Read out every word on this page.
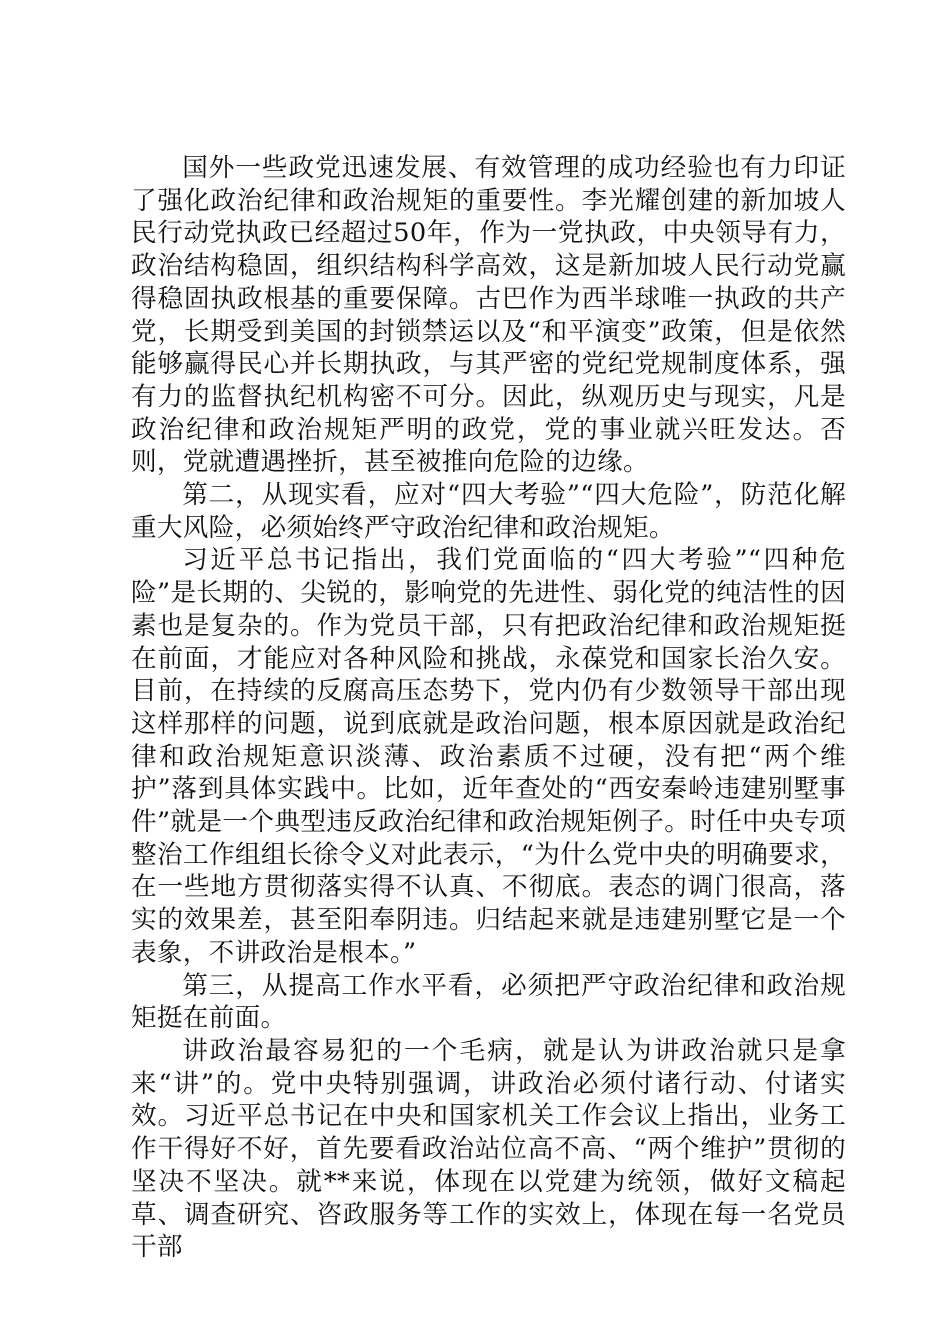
国外一些政党迅速发展、有效管理的成功经验也有力印证了强化政治纪律和政治规矩的重要性。李光耀创建的新加坡人民行动党执政已经超过50年，作为一党执政，中央领导有力，政治结构稳固，组织结构科学高效，这是新加坡人民行动党赢得稳固执政根基的重要保障。古巴作为西半球唯一执政的共产党，长期受到美国的封锁禁运以及“和平演变”政策，但是依然能够赢得民心并长期执政，与其严密的党纪党规制度体系，强有力的监督执纪机构密不可分。因此，纵观历史与现实，凡是政治纪律和政治规矩严明的政党，党的事业就兴旺发达。否则，党就遭遇挫折，甚至被推向危险的边缘。

第二，从现实看，应对“四大考验”“四大危险”，防范化解重大风险，必须始终严守政治纪律和政治规矩。

习近平总书记指出，我们党面临的“四大考验”“四种危险”是长期的、尖锐的，影响党的先进性、弱化党的纯洁性的因素也是复杂的。作为党员干部，只有把政治纪律和政治规矩挺在前面，才能应对各种风险和挑战，永葆党和国家长治久安。目前，在持续的反腐高压态势下，党内仍有少数领导干部出现这样那样的问题，说到底就是政治问题，根本原因就是政治纪律和政治规矩意识淡薄、政治素质不过硬，没有把“两个维护”落到具体实践中。比如，近年查处的“西安秦岭违建别墅事件”就是一个典型违反政治纪律和政治规矩例子。时任中央专项整治工作组组长徐令义对此表示，“为什么党中央的明确要求，在一些地方贯彻落实得不认真、不彻底。表态的调门很高，落实的效果差，甚至阳奉阴违。归结起来就是违建别墅它是一个表象，不讲政治是根本。”

第三，从提高工作水平看，必须把严守政治纪律和政治规矩挺在前面。

讲政治最容易犯的一个毛病，就是认为讲政治就只是拿来“讲”的。党中央特别强调，讲政治必须付诸行动、付诸实效。习近平总书记在中央和国家机关工作会议上指出，业务工作干得好不好，首先要看政治站位高不高、“两个维护”贯彻的坚决不坚决。就**来说，体现在以党建为统领，做好文稿起草、调查研究、咨政服务等工作的实效上，体现在每一名党员干部
